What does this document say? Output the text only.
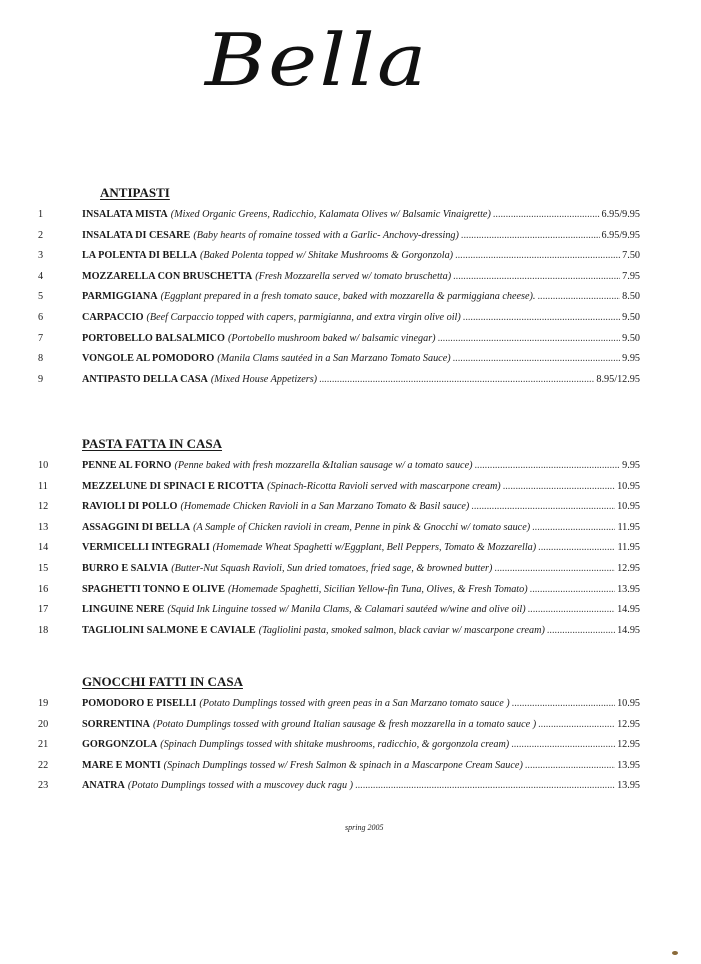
Bella
ANTIPASTI
1	INSALATA MISTA (Mixed Organic Greens, Radicchio, Kalamata Olives w/ Balsamic Vinaigrette) .....	6.95/9.95
2	INSALATA DI CESARE (Baby hearts of romaine tossed with a Garlic- Anchovy-dressing) .....	6.95/9.95
3	LA POLENTA DI BELLA (Baked Polenta topped w/ Shitake Mushrooms & Gorgonzola) .....	7.50
4	MOZZARELLA CON BRUSCHETTA (Fresh Mozzarella served w/ tomato bruschetta) .....	7.95
5	PARMIGGIANA (Eggplant prepared in a fresh tomato sauce, baked with mozzarella & parmiggiana cheese). .....	8.50
6	CARPACCIO (Beef Carpaccio topped with capers, parmigianna, and extra virgin olive oil) .....	9.50
7	PORTOBELLO BALSALMICO (Portobello mushroom baked w/ balsamic vinegar) .....	9.50
8	VONGOLE AL POMODORO (Manila Clams sautéed in a San Marzano Tomato Sauce) .....	9.95
9	ANTIPASTO DELLA CASA (Mixed House Appetizers) .....	8.95/12.95
PASTA FATTA IN CASA
10	PENNE AL FORNO (Penne baked with fresh mozzarella &Italian sausage w/ a tomato sauce) .....	9.95
11	MEZZELUNE DI SPINACI E RICOTTA (Spinach-Ricotta Ravioli served with mascarpone cream) .....	10.95
12	RAVIOLI DI POLLO (Homemade Chicken Ravioli in a San Marzano Tomato & Basil sauce) .....	10.95
13	ASSAGGINI DI BELLA (A Sample of Chicken ravioli in cream, Penne in pink & Gnocchi w/ tomato sauce) .....	11.95
14	VERMICELLI INTEGRALI (Homemade Wheat Spaghetti w/Eggplant, Bell Peppers, Tomato & Mozzarella) .....	11.95
15	BURRO E SALVIA (Butter-Nut Squash Ravioli, Sun dried tomatoes, fried sage, & browned butter) .....	12.95
16	SPAGHETTI TONNO E OLIVE (Homemade Spaghetti, Sicilian Yellow-fin Tuna, Olives, & Fresh Tomato) .....	13.95
17	LINGUINE NERE (Squid Ink Linguine tossed w/ Manila Clams, & Calamari sautéed w/wine and olive oil) .....	14.95
18	TAGLIOLINI SALMONE E CAVIALE (Tagliolini pasta, smoked salmon, black caviar w/ mascarpone cream) .....	14.95
GNOCCHI FATTI IN CASA
19	POMODORO E PISELLI (Potato Dumplings tossed with green peas in a San Marzano tomato sauce ) .....	10.95
20	SORRENTINA (Potato Dumplings tossed with ground Italian sausage & fresh mozzarella in a tomato sauce ) .....	12.95
21	GORGONZOLA (Spinach Dumplings tossed with shitake mushrooms, radicchio, & gorgonzola cream) .....	12.95
22	MARE E MONTI (Spinach Dumplings tossed w/ Fresh Salmon & spinach in a Mascarpone Cream Sauce) .....	13.95
23	ANATRA (Potato Dumplings tossed with a muscovey duck ragu ) .....	13.95
spring 2005
